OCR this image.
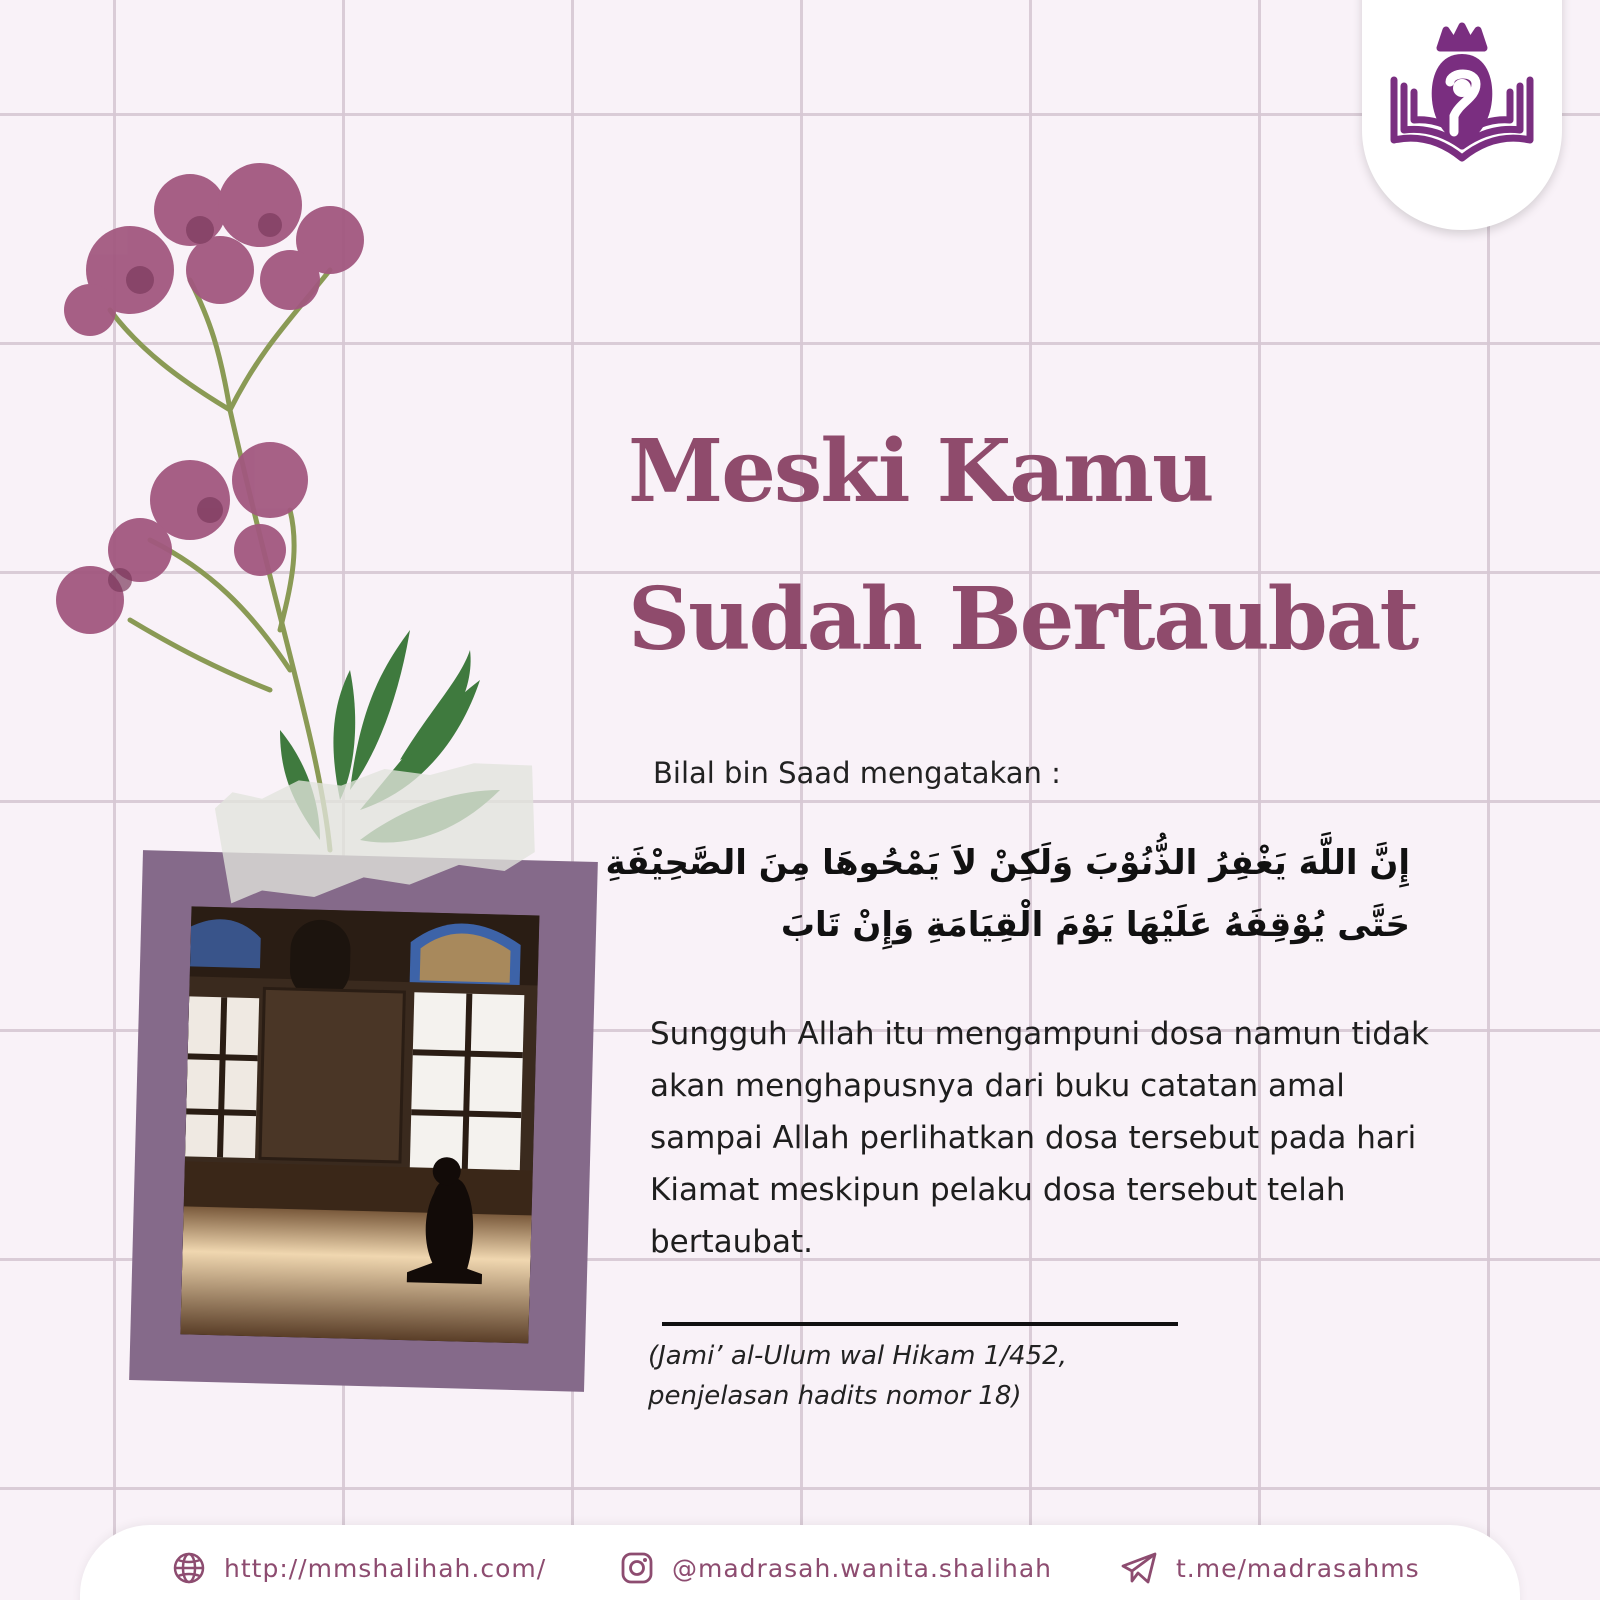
Meski Kamu
Sudah Bertaubat
Bilal bin Saad mengatakan :
إِنَّ اللَّهَ يَغْفِرُ الذُّنُوْبَ وَلَكِنْ لاَ يَمْحُوهَا مِنَ الصَّحِيْفَةِ
حَتَّى يُوْقِفَهُ عَلَيْهَا يَوْمَ الْقِيَامَةِ وَإِنْ تَابَ
Sungguh Allah itu mengampuni dosa namun tidak akan menghapusnya dari buku catatan amal sampai Allah perlihatkan dosa tersebut pada hari Kiamat meskipun pelaku dosa tersebut telah bertaubat.
(Jami’ al-Ulum wal Hikam 1/452,
penjelasan hadits nomor 18)
http://mmshalihah.com/	@madrasah.wanita.shalihah	t.me/madrasahms
